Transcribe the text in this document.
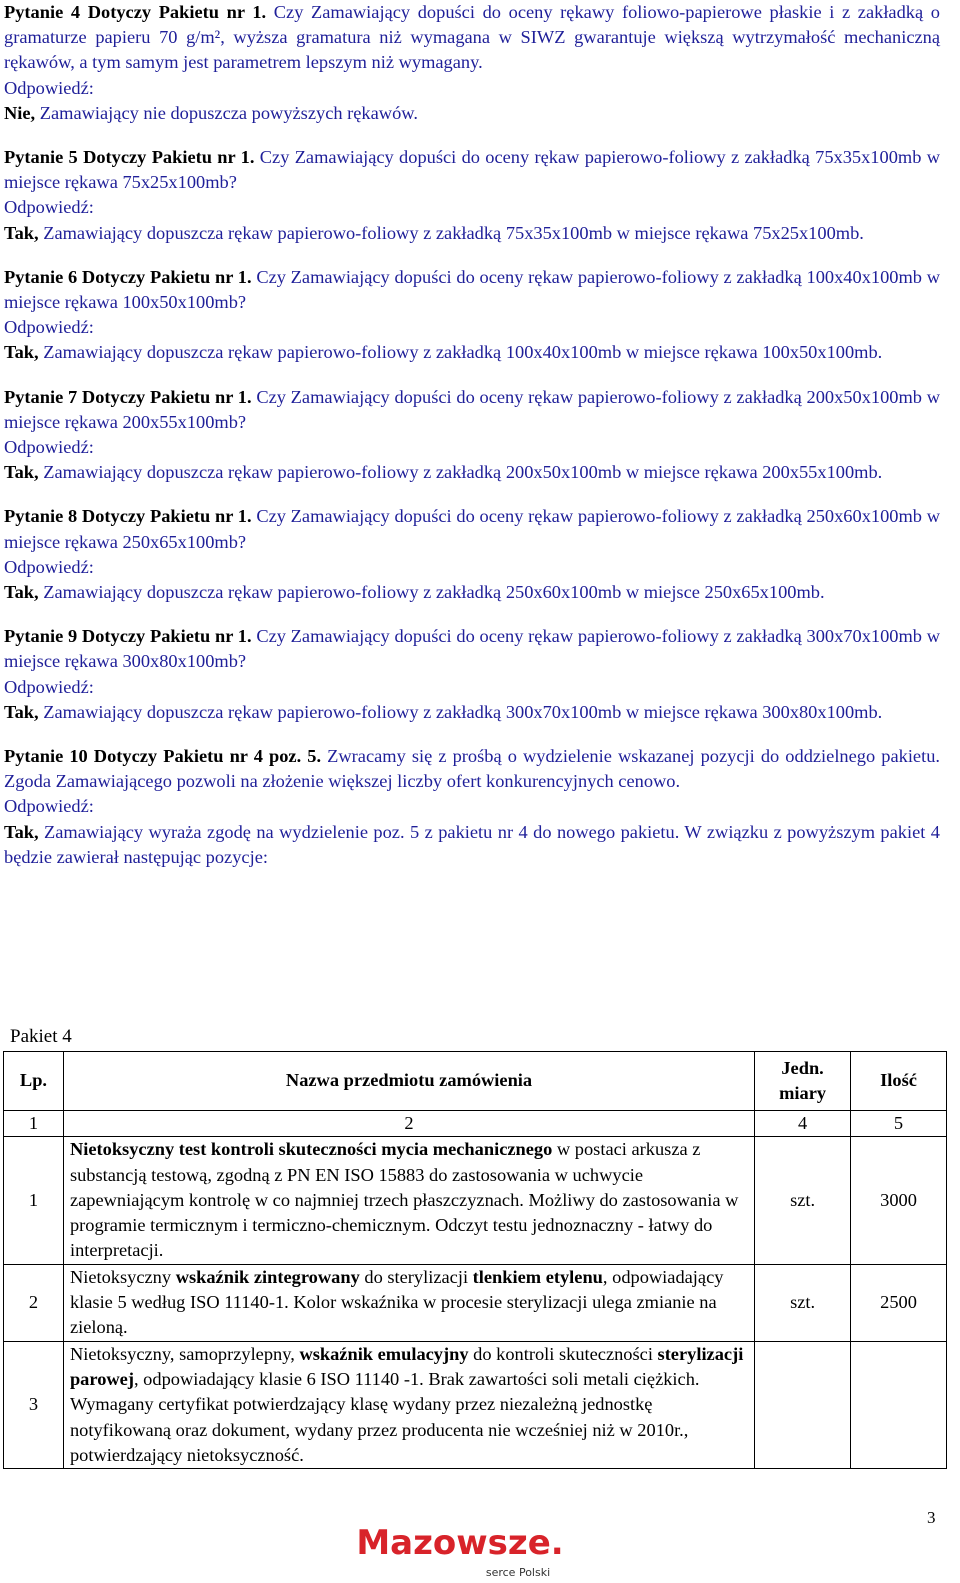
Pytanie 4 Dotyczy Pakietu nr 1. Czy Zamawiający dopuści do oceny rękawy foliowo-papierowe płaskie i z zakładką o gramaturze papieru 70 g/m², wyższa gramatura niż wymagana w SIWZ gwarantuje większą wytrzymałość mechaniczną rękawów, a tym samym jest parametrem lepszym niż wymagany.

Odpowiedź:

Nie, Zamawiający nie dopuszcza powyższych rękawów.

Pytanie 5 Dotyczy Pakietu nr 1. Czy Zamawiający dopuści do oceny rękaw papierowo-foliowy z zakładką 75x35x100mb w miejsce rękawa 75x25x100mb?

Odpowiedź:

Tak, Zamawiający dopuszcza rękaw papierowo-foliowy z zakładką 75x35x100mb w miejsce rękawa 75x25x100mb.

Pytanie 6 Dotyczy Pakietu nr 1. Czy Zamawiający dopuści do oceny rękaw papierowo-foliowy z zakładką 100x40x100mb w miejsce rękawa 100x50x100mb?

Odpowiedź:

Tak, Zamawiający dopuszcza rękaw papierowo-foliowy z zakładką 100x40x100mb w miejsce rękawa 100x50x100mb.

Pytanie 7 Dotyczy Pakietu nr 1. Czy Zamawiający dopuści do oceny rękaw papierowo-foliowy z zakładką 200x50x100mb w miejsce rękawa 200x55x100mb?

Odpowiedź:

Tak, Zamawiający dopuszcza rękaw papierowo-foliowy z zakładką 200x50x100mb w miejsce rękawa 200x55x100mb.

Pytanie 8 Dotyczy Pakietu nr 1. Czy Zamawiający dopuści do oceny rękaw papierowo-foliowy z zakładką 250x60x100mb w miejsce rękawa 250x65x100mb?

Odpowiedź:

Tak, Zamawiający dopuszcza rękaw papierowo-foliowy z zakładką 250x60x100mb w miejsce 250x65x100mb.

Pytanie 9 Dotyczy Pakietu nr 1. Czy Zamawiający dopuści do oceny rękaw papierowo-foliowy z zakładką 300x70x100mb w miejsce rękawa 300x80x100mb?

Odpowiedź:

Tak, Zamawiający dopuszcza rękaw papierowo-foliowy z zakładką 300x70x100mb w miejsce rękawa 300x80x100mb.

Pytanie 10 Dotyczy Pakietu nr 4 poz. 5. Zwracamy się z prośbą o wydzielenie wskazanej pozycji do oddzielnego pakietu. Zgoda Zamawiającego pozwoli na złożenie większej liczby ofert konkurencyjnych cenowo.

Odpowiedź:

Tak, Zamawiający wyraża zgodę na wydzielenie poz. 5 z pakietu nr 4 do nowego pakietu. W związku z powyższym pakiet 4 będzie zawierał następując pozycje:

Pakiet 4
Lp.	Nazwa przedmiotu zamówienia	Jedn.
miary	Ilość
1	2	4	5
1	Nietoksyczny test kontroli skuteczności mycia mechanicznego w postaci arkusza z substancją testową, zgodną z PN EN ISO 15883 do zastosowania w uchwycie zapewniającym kontrolę w co najmniej trzech płaszczyznach. Możliwy do zastosowania w programie termicznym i termiczno-chemicznym. Odczyt testu jednoznaczny - łatwy do interpretacji.	szt.	3000
2	Nietoksyczny wskaźnik zintegrowany do sterylizacji tlenkiem etylenu, odpowiadający klasie 5 według ISO 11140-1. Kolor wskaźnika w procesie sterylizacji ulega zmianie na zieloną.	szt.	2500
3	Nietoksyczny, samoprzylepny, wskaźnik emulacyjny do kontroli skuteczności sterylizacji parowej, odpowiadający klasie 6 ISO 11140 -1. Brak zawartości soli metali ciężkich. Wymagany certyfikat potwierdzający klasę wydany przez niezależną jednostkę notyfikowaną oraz dokument, wydany przez producenta nie wcześniej niż w 2010r., potwierdzający nietoksyczność.		
3
Mazowsze.
serce Polski
